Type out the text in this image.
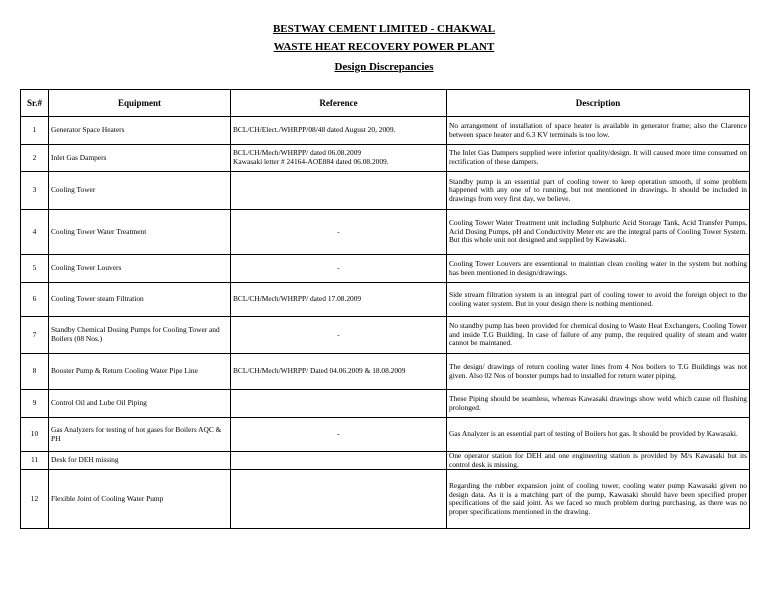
BESTWAY CEMENT LIMITED - CHAKWAL
WASTE HEAT RECOVERY POWER PLANT
Design Discrepancies
Sr.#	Equipment	Reference	Description
1	Generator Space Heaters	BCL/CH/Elect./WHRPP/08/48 dated August 20, 2009.	No arrangement of installation of space heater is available in generator frame; also the Clarence between space heater and 6.3 KV terminals is too low.
2	Inlet Gas Dampers	BCL/CH/Mech/WHRPP/ dated 06.08.2009
Kawasaki letter # 24164-AOE884 dated 06.08.2009.	The Inlet Gas Dampers supplied were inferior quality/design. It will caused more time consumed on rectification of these dampers.
3	Cooling Tower		Standby pump is an essential part of cooling tower to keep operation smooth, if some problem happened with any one of to running, but not mentioned in drawings. It should be included in drawings from very first day, we believe.
4	Cooling Tower Water Treatment	-	Cooling Tower Water Treatment unit including Sulphuric Acid Storage Tank, Acid Transfer Pumps, Acid Dosing Pumps, pH and Conductivity Meter etc are the integral parts of Cooling Tower System. But this whole unit not designed and supplied by Kawasaki.
5	Cooling Tower Louvers	-	Cooling Tower Louvers are essentional to maintian clean cooling water in the system but nothing has been mentioned in design/drawings.
6	Cooling Tower steam Filtration	BCL/CH/Mech/WHRPP/ dated 17.08.2009	Side stream filtration system is an integral part of cooling tower to avoid the foreign object to the cooling water system. But in your design there is nothing mentioned.
7	Standby Chemical Dosing Pumps for Cooling Tower and Boilers (08 Nos.)	-	No standby pump has been provided for chemical dosing to Waste Heat Exchangers, Cooling Tower and inside T.G Building. In case of failure of any pump, the required quality of steam and water cannot be maintaned.
8	Booster Pump & Return Cooling Water Pipe Line	BCL/CH/Mech/WHRPP/ Dated 04.06.2009 & 18.08.2009	The design/ drawings of return cooling water lines from 4 Nos boilers to T.G Buildings was not given. Also 02 Nos of booster pumps had to installed for return water piping.
9	Control Oil and Lube Oil Piping		These Piping should be seamless, whereas Kawasaki drawings show weld which cause oil flushing prolonged.
10	Gas Analyzers for testing of hot gases for Boilers AQC & PH	-	Gas Analyzer is an essential part of testing of Boilers hot gas. It should be provided by Kawasaki.
11	Desk for DEH missing		One operator station for DEH and one engineering station is provided by M/s Kawasaki but its control desk is missing.
12	Flexible Joint of Cooling Water Pump		Regarding the rubber expansion joint of cooling tower, cooling water pump Kawasaki given no design data. As it is a matching part of the pump, Kawasaki should have been specified proper specifications of the said joint. As we faced so much problem during purchasing, as there was no proper specifications mentioned in the drawing.
